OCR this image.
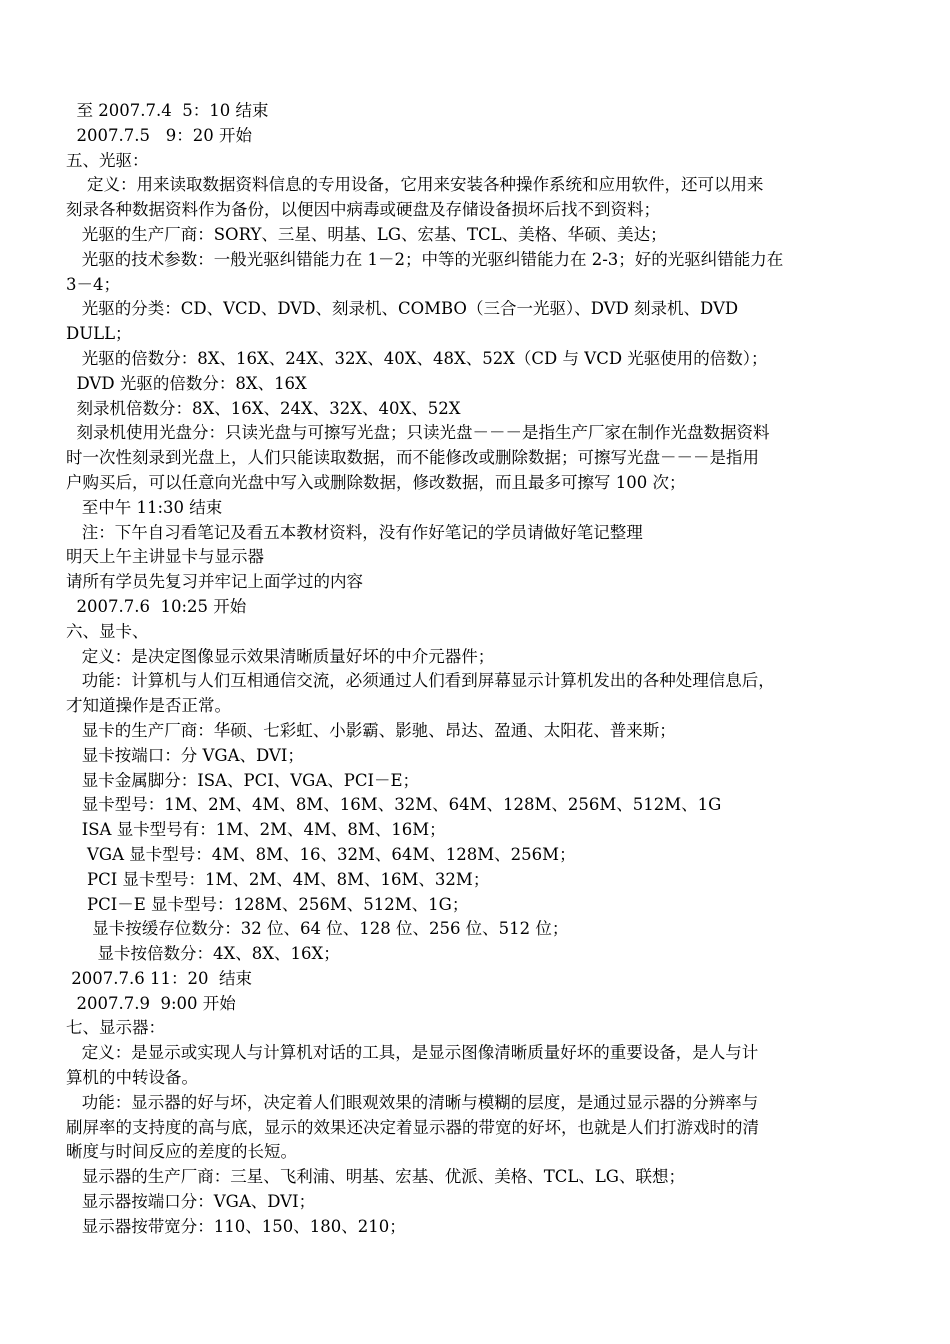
至 2007.7.4  5：10 结束
2007.7.5   9：20 开始
五、光驱：
定义：用来读取数据资料信息的专用设备，它用来安装各种操作系统和应用软件，还可以用来
刻录各种数据资料作为备份，以便因中病毒或硬盘及存储设备损坏后找不到资料；
光驱的生产厂商：SORY、三星、明基、LG、宏基、TCL、美格、华硕、美达；
光驱的技术参数：一般光驱纠错能力在 1－2；中等的光驱纠错能力在 2-3；好的光驱纠错能力在
3－4；
光驱的分类：CD、VCD、DVD、刻录机、COMBO（三合一光驱）、DVD 刻录机、DVD
DULL；
光驱的倍数分：8X、16X、24X、32X、40X、48X、52X（CD 与 VCD 光驱使用的倍数）；
DVD 光驱的倍数分：8X、16X
刻录机倍数分：8X、16X、24X、32X、40X、52X
刻录机使用光盘分：只读光盘与可擦写光盘；只读光盘－－－是指生产厂家在制作光盘数据资料
时一次性刻录到光盘上，人们只能读取数据，而不能修改或删除数据；可擦写光盘－－－是指用
户购买后，可以任意向光盘中写入或删除数据，修改数据，而且最多可擦写 100 次；
至中午 11:30 结束
注：下午自习看笔记及看五本教材资料，没有作好笔记的学员请做好笔记整理
明天上午主讲显卡与显示器
请所有学员先复习并牢记上面学过的内容
2007.7.6  10:25 开始
六、显卡、
定义：是决定图像显示效果清晰质量好坏的中介元器件；
功能：计算机与人们互相通信交流，必须通过人们看到屏幕显示计算机发出的各种处理信息后，
才知道操作是否正常。
显卡的生产厂商：华硕、七彩虹、小影霸、影驰、昂达、盈通、太阳花、普来斯；
显卡按端口：分 VGA、DVI；
显卡金属脚分：ISA、PCI、VGA、PCI－E；
显卡型号：1M、2M、4M、8M、16M、32M、64M、128M、256M、512M、1G
ISA 显卡型号有：1M、2M、4M、8M、16M；
VGA 显卡型号：4M、8M、16、32M、64M、128M、256M；
PCI 显卡型号：1M、2M、4M、8M、16M、32M；
PCI－E 显卡型号：128M、256M、512M、1G；
显卡按缓存位数分：32 位、64 位、128 位、256 位、512 位；
显卡按倍数分：4X、8X、16X；
2007.7.6 11：20  结束
2007.7.9  9:00 开始
七、显示器：
定义：是显示或实现人与计算机对话的工具，是显示图像清晰质量好坏的重要设备，是人与计
算机的中转设备。
功能：显示器的好与坏，决定着人们眼观效果的清晰与模糊的层度，是通过显示器的分辨率与
刷屏率的支持度的高与底，显示的效果还决定着显示器的带宽的好坏，也就是人们打游戏时的清
晰度与时间反应的差度的长短。
显示器的生产厂商：三星、飞利浦、明基、宏基、优派、美格、TCL、LG、联想；
显示器按端口分：VGA、DVI；
显示器按带宽分：110、150、180、210；
